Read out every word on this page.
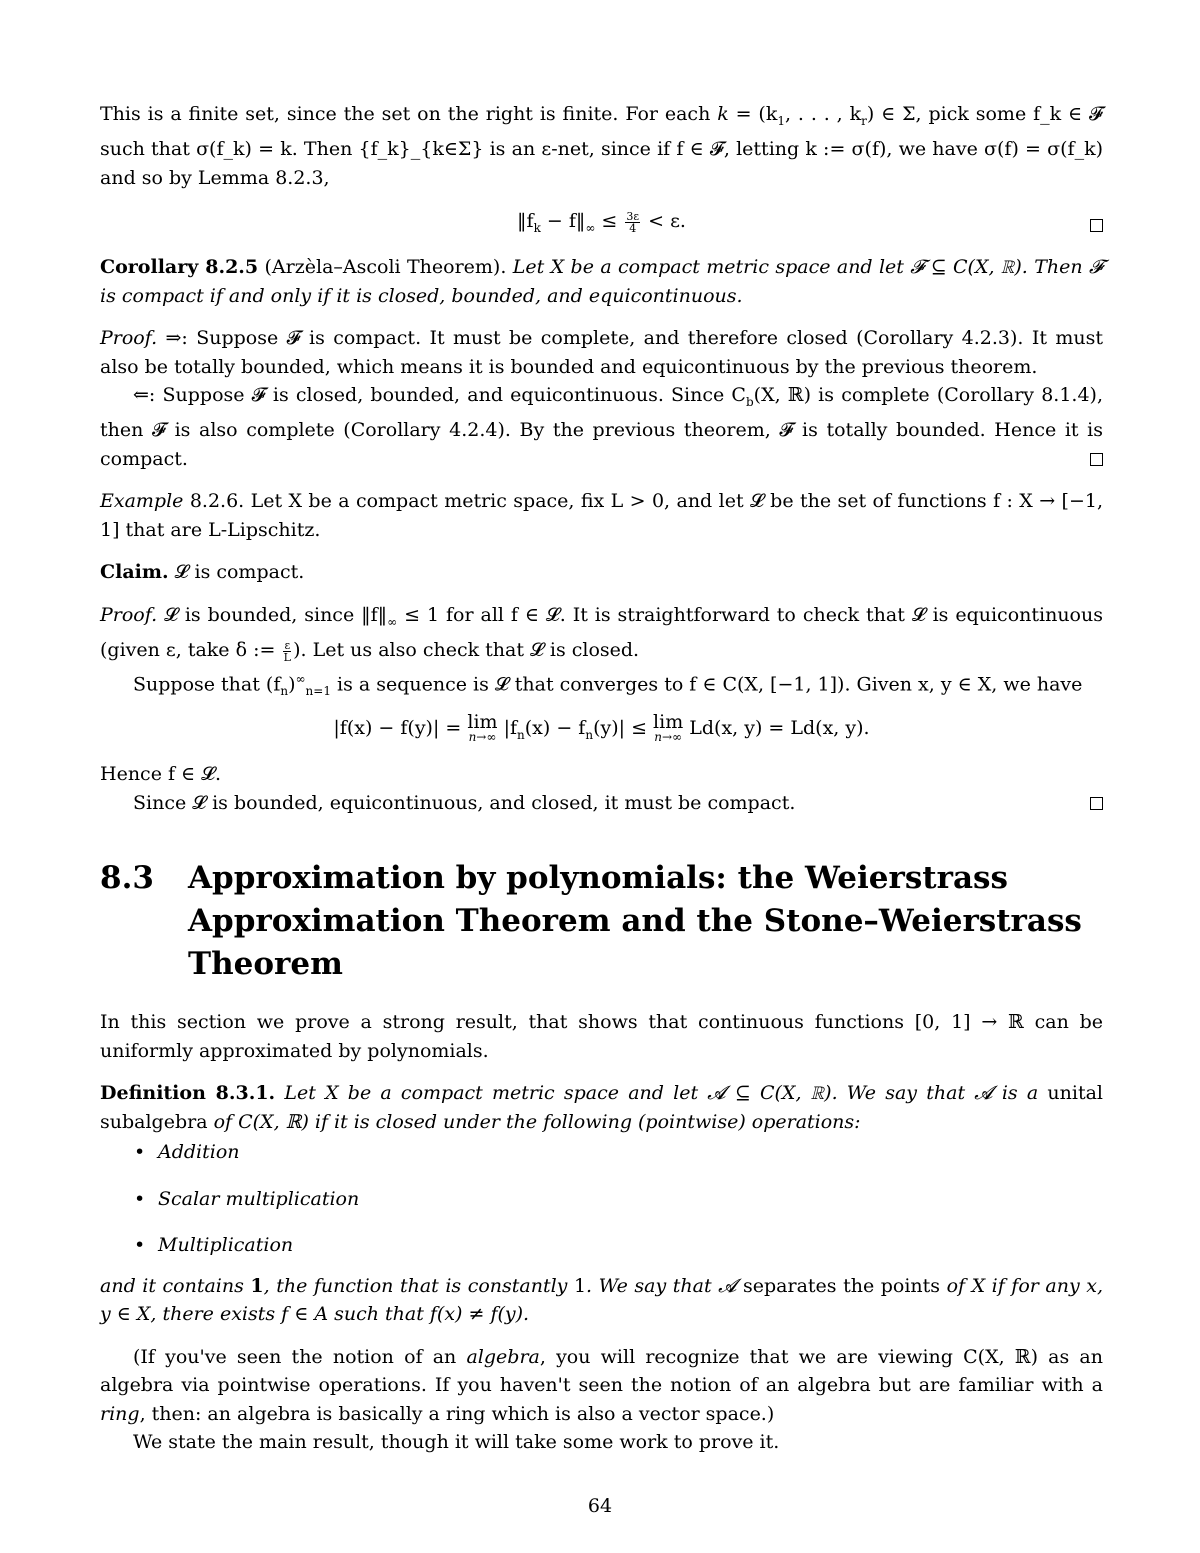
This is a finite set, since the set on the right is finite. For each $k = (k_1$, . . . , $k_r$) ∈ Σ, pick some f_k ∈ 𝓕 such that σ(f_k) = k. Then {f_k}_{k∈Σ} is an ε-net, since if f ∈ 𝓕, letting k := σ(f), we have σ(f) = σ(f_k) and so by Lemma 8.2.3,

$‖f_k$ − $f‖_\infty \le \frac{3\varepsilon}{4} < \varepsilon$.

Corollary 8.2.5 (Arzèla–Ascoli Theorem). Let X be a compact metric space and let 𝓕 ⊆ C(X, ℝ). Then 𝓕 is compact if and only if it is closed, bounded, and equicontinuous.

Proof. ⇒: Suppose 𝓕 is compact. It must be complete, and therefore closed (Corollary 4.2.3). It must also be totally bounded, which means it is bounded and equicontinuous by the previous theorem.

⇐: Suppose 𝓕 is closed, bounded, and equicontinuous. Since $C_b(X$, ℝ) is complete (Corollary 8.1.4), then 𝓕 is also complete (Corollary 4.2.4). By the previous theorem, 𝓕 is totally bounded. Hence it is compact.

Example 8.2.6. Let X be a compact metric space, fix L > 0, and let 𝓛 be the set of functions f : X → [−1, 1] that are L-Lipschitz.

Claim. 𝓛 is compact.

Proof. 𝓛 is bounded, since $‖f‖_\infty \le 1$ for all f ∈ 𝓛. It is straightforward to check that 𝓛 is equicontinuous (given ε, take δ := $\frac{\varepsilon}{L}$ ). Let us also check that 𝓛 is closed.

Suppose that $(f_n)^\infty_{n=1}$ is a sequence is 𝓛 that converges to f ∈ C(X, [−1, 1]). Given x, y ∈ X, we have

|f(x) − f(y)| = lim
n→∞ $|f_n(x) - f_n(y)| \le \lim$
n→∞ Ld(x, y) = Ld(x, y).

Hence f ∈ 𝓛.

Since 𝓛 is bounded, equicontinuous, and closed, it must be compact.

8.3	Approximation by polynomials: the Weierstrass Approximation Theorem and the Stone–Weierstrass Theorem

In this section we prove a strong result, that shows that continuous functions [0, 1] → ℝ can be uniformly approximated by polynomials.

Definition 8.3.1. Let X be a compact metric space and let 𝓐 ⊆ C(X, ℝ). We say that 𝓐 is a unital subalgebra of C(X, ℝ) if it is closed under the following (pointwise) operations:

• Addition
• Scalar multiplication
• Multiplication

and it contains 1, the function that is constantly 1. We say that 𝓐 separates the points of X if for any x, y ∈ X, there exists f ∈ A such that f(x) ≠ f(y).

(If you've seen the notion of an algebra, you will recognize that we are viewing C(X, ℝ) as an algebra via pointwise operations. If you haven't seen the notion of an algebra but are familiar with a ring, then: an algebra is basically a ring which is also a vector space.)

We state the main result, though it will take some work to prove it.

64
